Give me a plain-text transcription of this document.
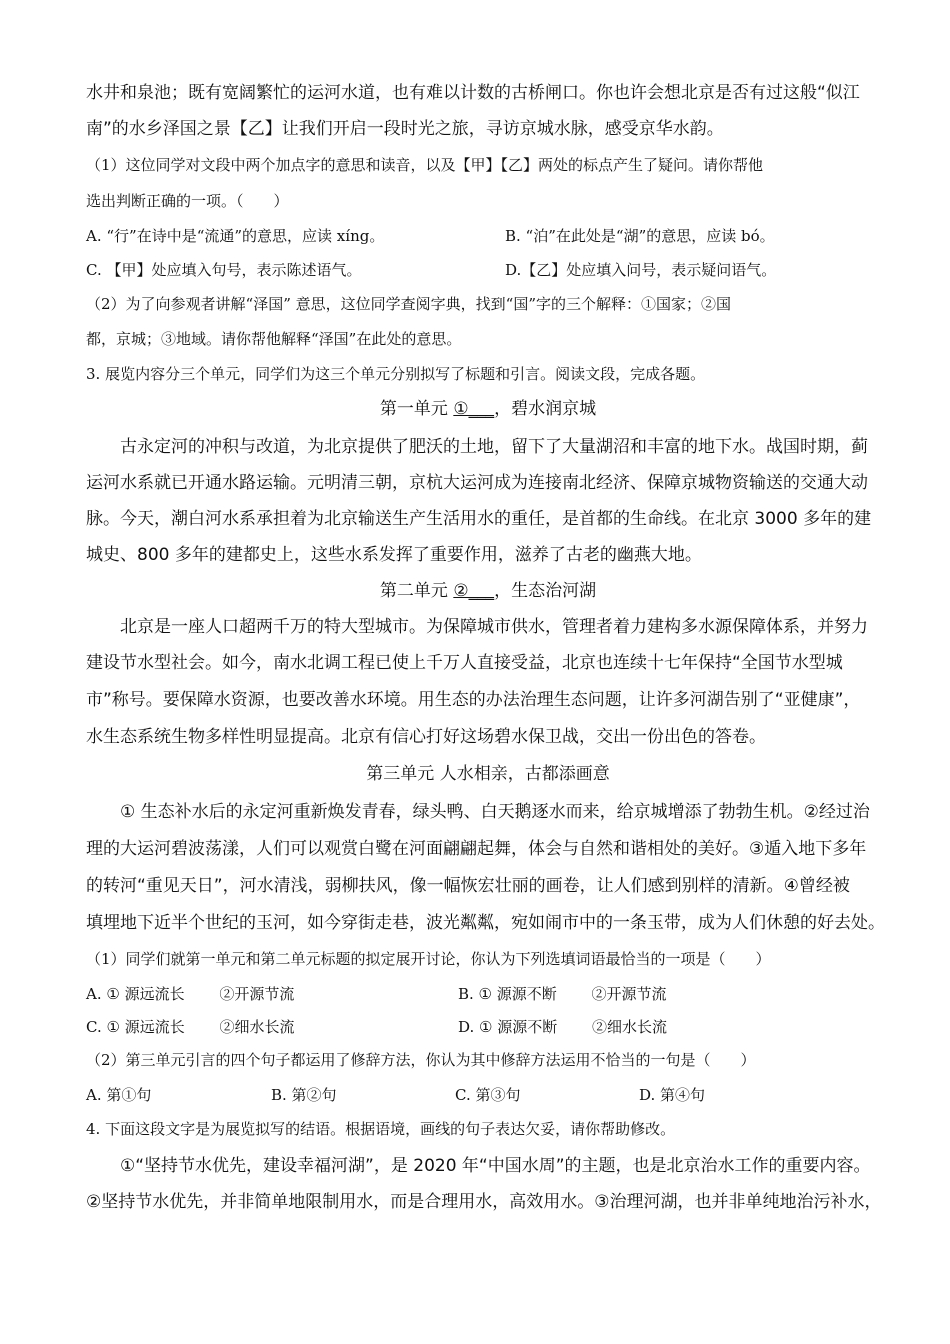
水井和泉池；既有宽阔繁忙的运河水道，也有难以计数的古桥闸口。你也许会想北京是否有过这般“似江
南”的水乡泽国之景【乙】让我们开启一段时光之旅，寻访京城水脉，感受京华水韵。
（1）这位同学对文段中两个加点字的意思和读音，以及【甲】【乙】两处的标点产生了疑问。请你帮他
选出判断正确的一项。（　　）
A. “行”在诗中是“流通”的意思，应读 xíng。	B. “泊”在此处是“湖”的意思，应读 bó。
C. 【甲】处应填入句号，表示陈述语气。	D.【乙】处应填入问号，表示疑问语气。
（2）为了向参观者讲解“泽国” 意思，这位同学查阅字典，找到“国”字的三个解释：①国家；②国
都，京城；③地域。请你帮他解释“泽国”在此处的意思。
3. 展览内容分三个单元，同学们为这三个单元分别拟写了标题和引言。阅读文段，完成各题。
第一单元 ①___，碧水润京城
古永定河的冲积与改道，为北京提供了肥沃的土地，留下了大量湖沼和丰富的地下水。战国时期，蓟
运河水系就已开通水路运输。元明清三朝，京杭大运河成为连接南北经济、保障京城物资输送的交通大动
脉。今天，潮白河水系承担着为北京输送生产生活用水的重任，是首都的生命线。在北京 3000 多年的建
城史、800 多年的建都史上，这些水系发挥了重要作用，滋养了古老的幽燕大地。
第二单元 ②___，生态治河湖
北京是一座人口超两千万的特大型城市。为保障城市供水，管理者着力建构多水源保障体系，并努力
建设节水型社会。如今，南水北调工程已使上千万人直接受益，北京也连续十七年保持“全国节水型城
市”称号。要保障水资源，也要改善水环境。用生态的办法治理生态问题，让许多河湖告别了“亚健康”，
水生态系统生物多样性明显提高。北京有信心打好这场碧水保卫战，交出一份出色的答卷。
第三单元 人水相亲，古都添画意
① 生态补水后的永定河重新焕发青春，绿头鸭、白天鹅逐水而来，给京城增添了勃勃生机。②经过治
理的大运河碧波荡漾，人们可以观赏白鹭在河面翩翩起舞，体会与自然和谐相处的美好。③遁入地下多年
的转河“重见天日”，河水清浅，弱柳扶风，像一幅恢宏壮丽的画卷，让人们感到别样的清新。④曾经被
填埋地下近半个世纪的玉河，如今穿街走巷，波光粼粼，宛如闹市中的一条玉带，成为人们休憩的好去处。
（1）同学们就第一单元和第二单元标题的拟定展开讨论，你认为下列选填词语最恰当的一项是（　　）
A. ① 源远流长　　 ②开源节流	B. ① 源源不断　　 ②开源节流
C. ① 源远流长　　 ②细水长流	D. ① 源源不断　　 ②细水长流
（2）第三单元引言的四个句子都运用了修辞方法，你认为其中修辞方法运用不恰当的一句是（　　）
A. 第①句	B. 第②句	C. 第③句	D. 第④句
4. 下面这段文字是为展览拟写的结语。根据语境，画线的句子表达欠妥，请你帮助修改。
①“坚持节水优先，建设幸福河湖”，是 2020 年“中国水周”的主题，也是北京治水工作的重要内容。
②坚持节水优先，并非简单地限制用水，而是合理用水，高效用水。③治理河湖，也并非单纯地治污补水，
